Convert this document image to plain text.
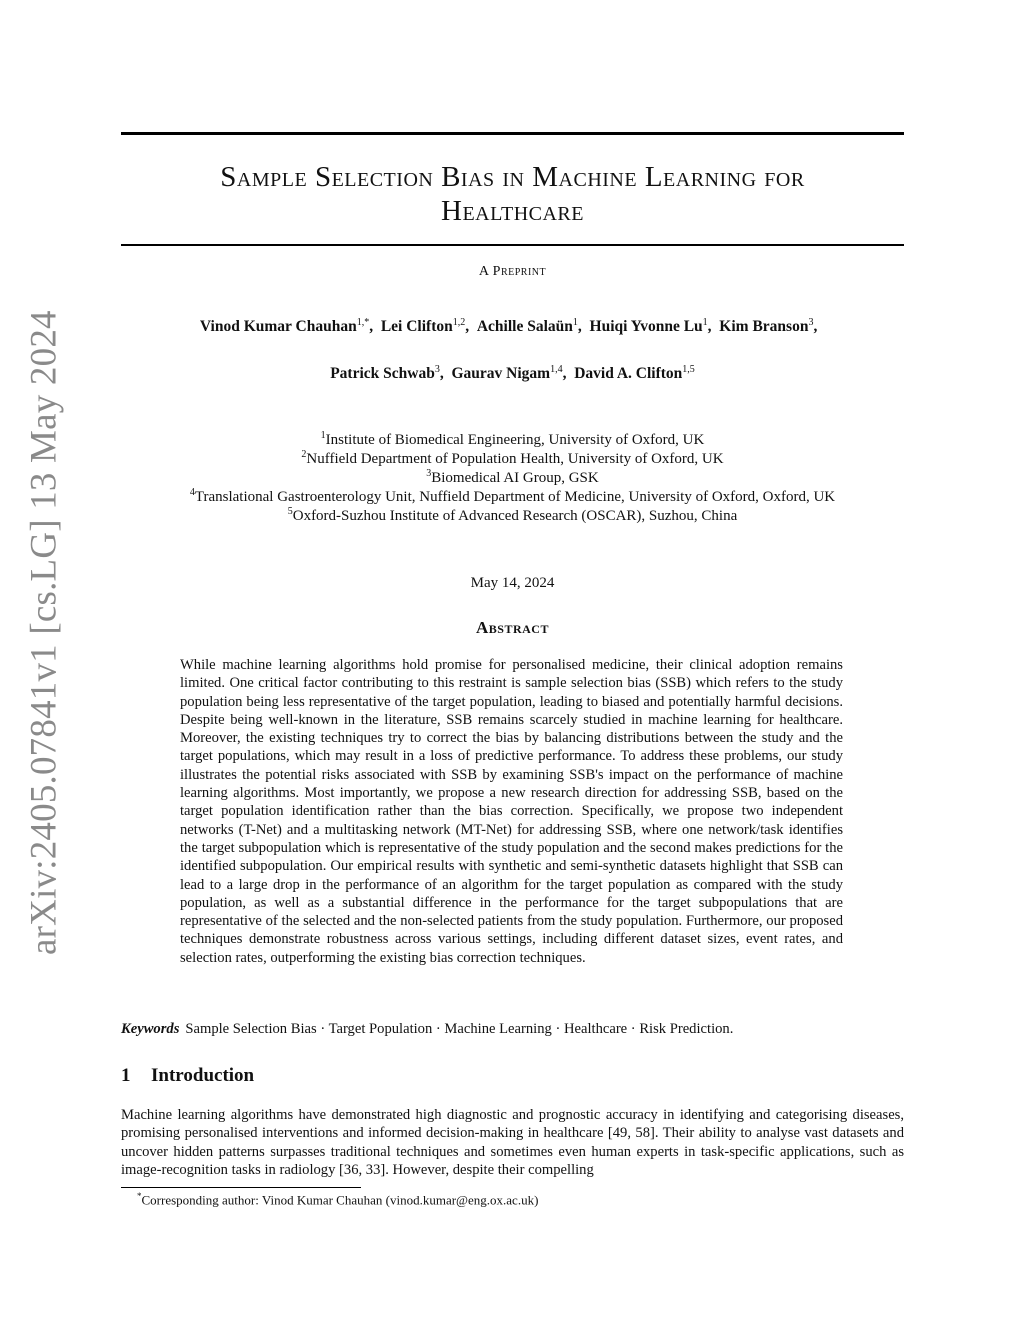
arXiv:2405.07841v1 [cs.LG] 13 May 2024
Sample Selection Bias in Machine Learning for
Healthcare
A Preprint
Vinod Kumar Chauhan$^{1,*}$,  Lei Clifton$^{1,2}$,  Achille Salaün$^1$,  Huiqi Yvonne Lu$^1$,  Kim Branson$^3$,
Patrick Schwab$^3$,  Gaurav Nigam$^{1,4}$,  David A. Clifton$^{1,5}$
$^1$Institute of Biomedical Engineering, University of Oxford, UK
$^2$Nuffield Department of Population Health, University of Oxford, UK
$^3$Biomedical AI Group, GSK
$^4$Translational Gastroenterology Unit, Nuffield Department of Medicine, University of Oxford, Oxford, UK
$^5$Oxford-Suzhou Institute of Advanced Research (OSCAR), Suzhou, China
May 14, 2024
Abstract
While machine learning algorithms hold promise for personalised medicine, their clinical adoption remains limited. One critical factor contributing to this restraint is sample selection bias (SSB) which refers to the study population being less representative of the target population, leading to biased and potentially harmful decisions. Despite being well-known in the literature, SSB remains scarcely studied in machine learning for healthcare. Moreover, the existing techniques try to correct the bias by balancing distributions between the study and the target populations, which may result in a loss of predictive performance. To address these problems, our study illustrates the potential risks associated with SSB by examining SSB's impact on the performance of machine learning algorithms. Most importantly, we propose a new research direction for addressing SSB, based on the target population identification rather than the bias correction. Specifically, we propose two independent networks (T-Net) and a multitasking network (MT-Net) for addressing SSB, where one network/task identifies the target subpopulation which is representative of the study population and the second makes predictions for the identified subpopulation. Our empirical results with synthetic and semi-synthetic datasets highlight that SSB can lead to a large drop in the performance of an algorithm for the target population as compared with the study population, as well as a substantial difference in the performance for the target subpopulations that are representative of the selected and the non-selected patients from the study population. Furthermore, our proposed techniques demonstrate robustness across various settings, including different dataset sizes, event rates, and selection rates, outperforming the existing bias correction techniques.
Keywords Sample Selection Bias · Target Population · Machine Learning · Healthcare · Risk Prediction.
1 Introduction
Machine learning algorithms have demonstrated high diagnostic and prognostic accuracy in identifying and categorising diseases, promising personalised interventions and informed decision-making in healthcare [49, 58]. Their ability to analyse vast datasets and uncover hidden patterns surpasses traditional techniques and sometimes even human experts in task-specific applications, such as image-recognition tasks in radiology [36, 33]. However, despite their compelling
*Corresponding author: Vinod Kumar Chauhan (vinod.kumar@eng.ox.ac.uk)
